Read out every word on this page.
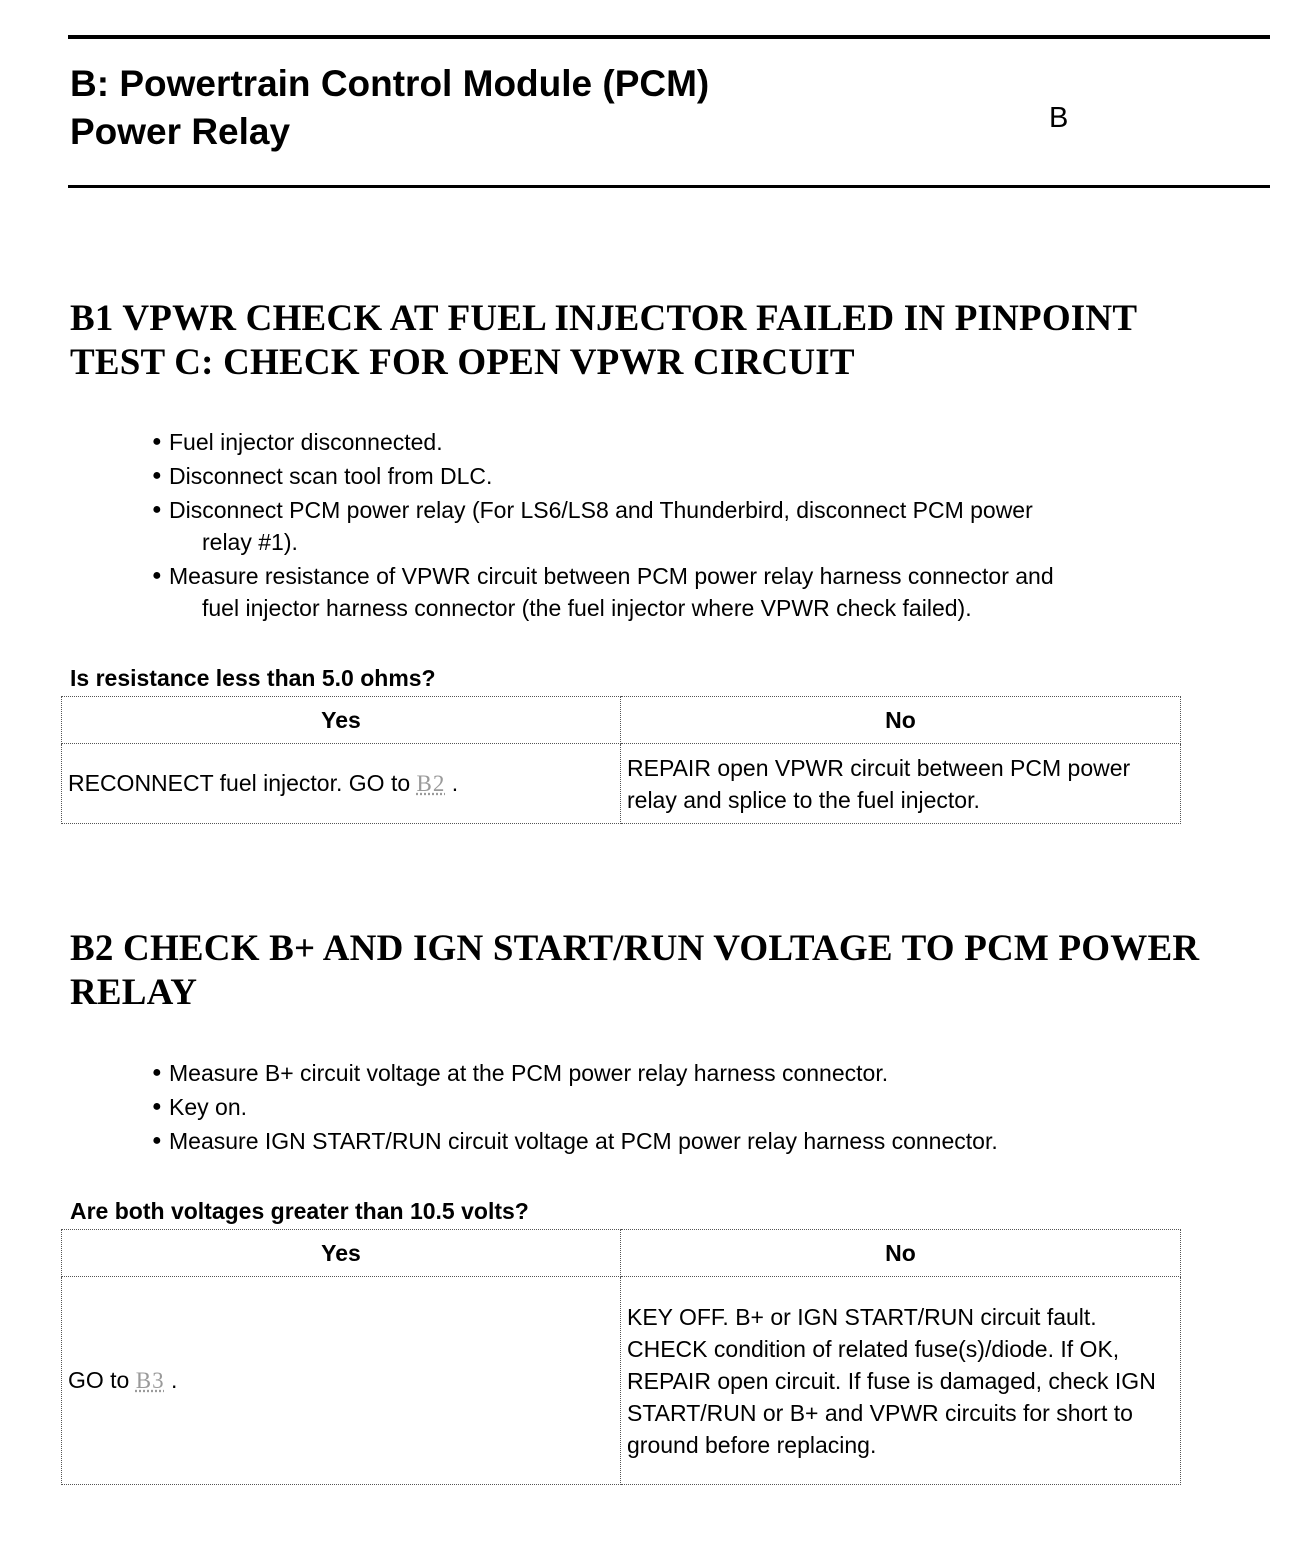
B: Powertrain Control Module (PCM)
Power Relay	B
B1 VPWR CHECK AT FUEL INJECTOR FAILED IN PINPOINT
TEST C: CHECK FOR OPEN VPWR CIRCUIT
● Fuel injector disconnected.
● Disconnect scan tool from DLC.
● Disconnect PCM power relay (For LS6/LS8 and Thunderbird, disconnect PCM power
relay #1).
● Measure resistance of VPWR circuit between PCM power relay harness connector and
fuel injector harness connector (the fuel injector where VPWR check failed).

Is resistance less than 5.0 ohms?

Yes	No
RECONNECT fuel injector. GO to B2 .	REPAIR open VPWR circuit between PCM power relay and splice to the fuel injector.
B2 CHECK B+ AND IGN START/RUN VOLTAGE TO PCM POWER
RELAY
● Measure B+ circuit voltage at the PCM power relay harness connector.
● Key on.
● Measure IGN START/RUN circuit voltage at PCM power relay harness connector.

Are both voltages greater than 10.5 volts?

Yes	No
GO to B3 .	KEY OFF. B+ or IGN START/RUN circuit fault. CHECK condition of related fuse(s)/diode. If OK, REPAIR open circuit. If fuse is damaged, check IGN START/RUN or B+ and VPWR circuits for short to ground before replacing.
